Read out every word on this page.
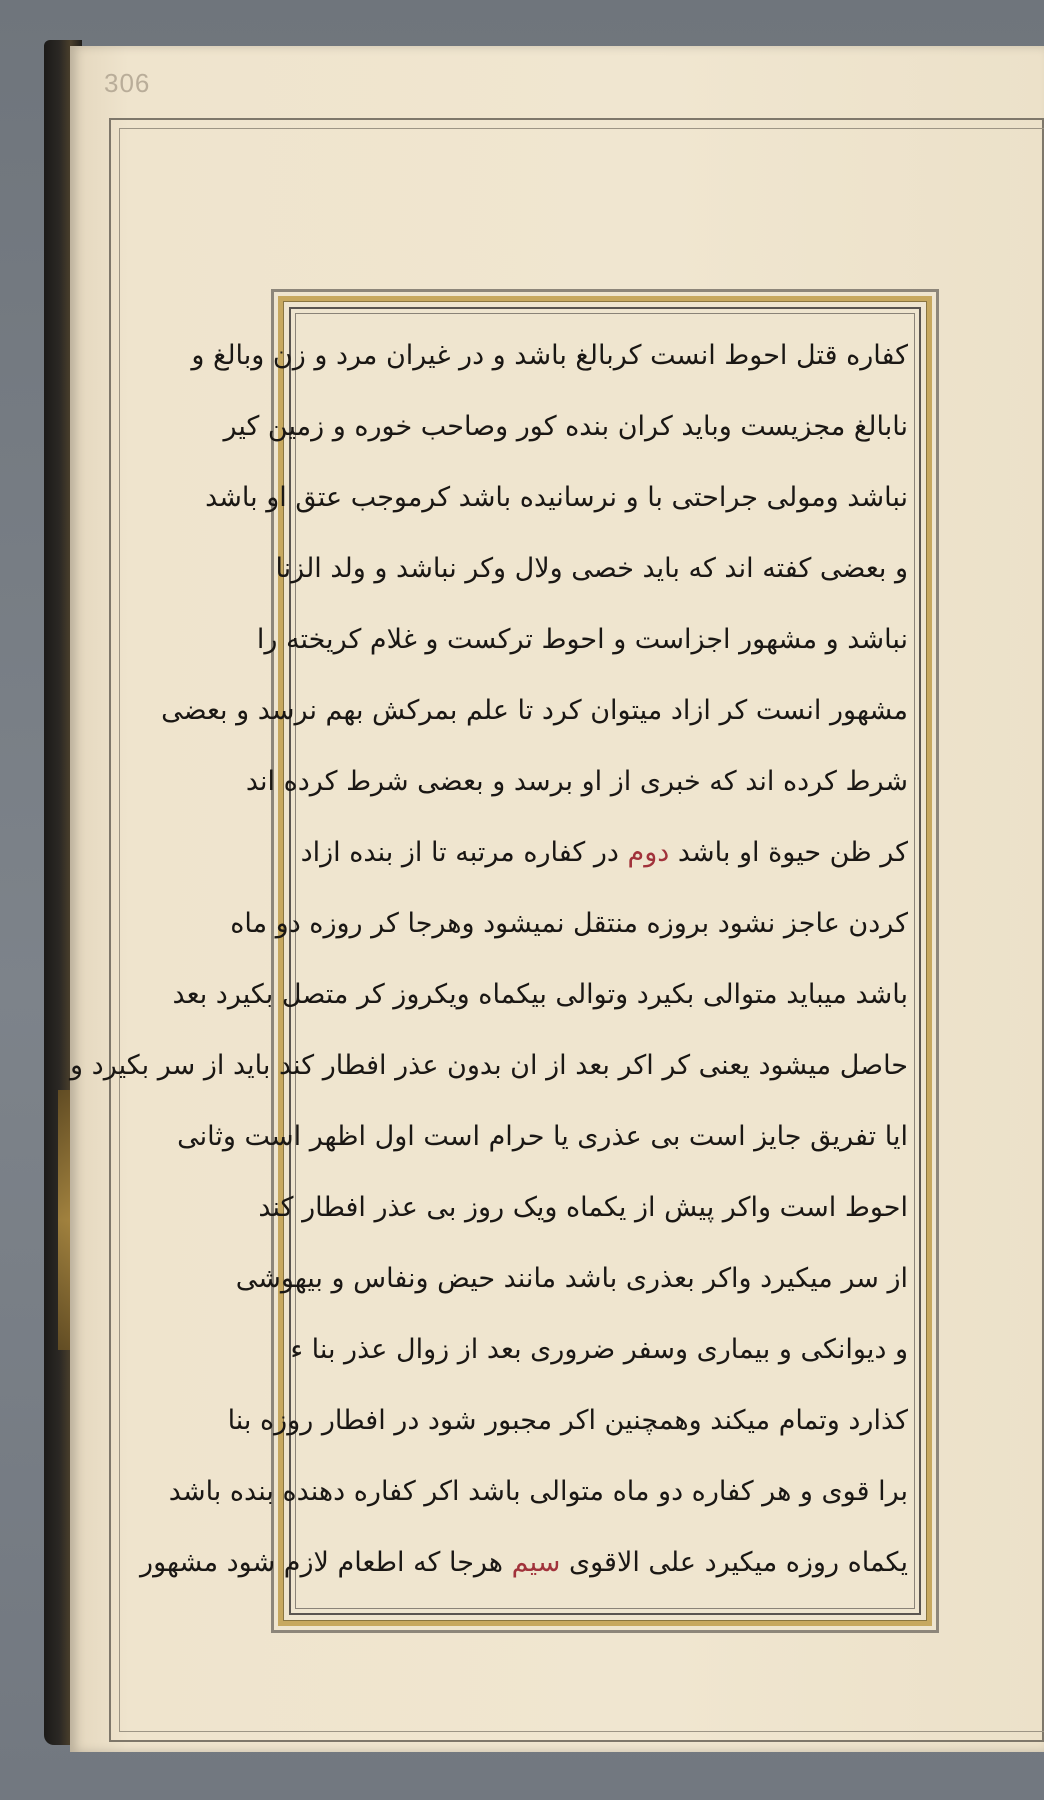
306
کفاره قتل احوط انست کربالغ باشد و در غیران مرد و زن وبالغ و
نابالغ مجزیست وباید کران بنده کور وصاحب خوره و زمین کیر
نباشد ومولی جراحتی با و نرسانیده باشد کرموجب عتق او باشد
و بعضی کفته اند که باید خصی ولال وکر نباشد و ولد الزنا
نباشد و مشهور اجزاست و احوط ترکست و غلام کریخته را
مشهور انست کر ازاد میتوان کرد تا علم بمرکش بهم نرسد و بعضی
شرط کرده اند که خبری از او برسد و بعضی شرط کرده اند
کر ظن حیوة او باشد دوم در کفاره مرتبه تا از بنده ازاد
کردن عاجز نشود بروزه منتقل نمیشود وهرجا کر روزه دو ماه
باشد میباید متوالی بکیرد وتوالی بیکماه ویکروز کر متصل بکیرد بعد
حاصل میشود یعنی کر اکر بعد از ان بدون عذر افطار کند باید از سر بکیرد و
ایا تفریق جایز است بی عذری یا حرام است اول اظهر است وثانی
احوط است واکر پیش از یکماه ویک روز بی عذر افطار کند
از سر میکیرد واکر بعذری باشد مانند حیض ونفاس و بیهوشی
و دیوانکی و بیماری وسفر ضروری بعد از زوال عذر بنا ء
کذارد وتمام میکند وهمچنین اکر مجبور شود در افطار روزه بنا
برا قوی و هر کفاره دو ماه متوالی باشد اکر کفاره دهنده بنده باشد
یکماه روزه میکیرد علی الاقوی سیم هرجا که اطعام لازم شود مشهور
